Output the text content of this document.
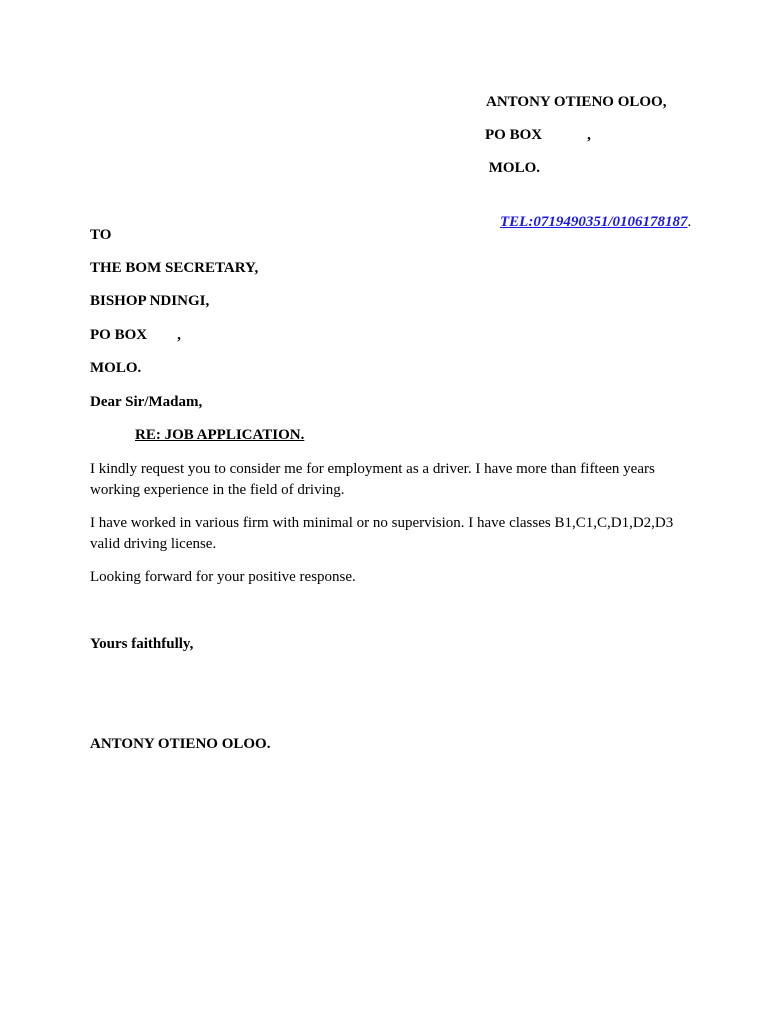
ANTONY OTIENO OLOO,
PO BOX            ,
MOLO.

TEL:0719490351/0106178187.

TO
THE BOM SECRETARY,
BISHOP NDINGI,
PO BOX        ,
MOLO.
Dear Sir/Madam,
RE: JOB APPLICATION.
I kindly request you to consider me for employment as a driver. I have more than fifteen years working experience in the field of driving.
I have worked in various firm with minimal or no supervision. I have classes B1,C1,C,D1,D2,D3 valid driving license.
Looking forward for your positive response.
Yours faithfully,
ANTONY OTIENO OLOO.
